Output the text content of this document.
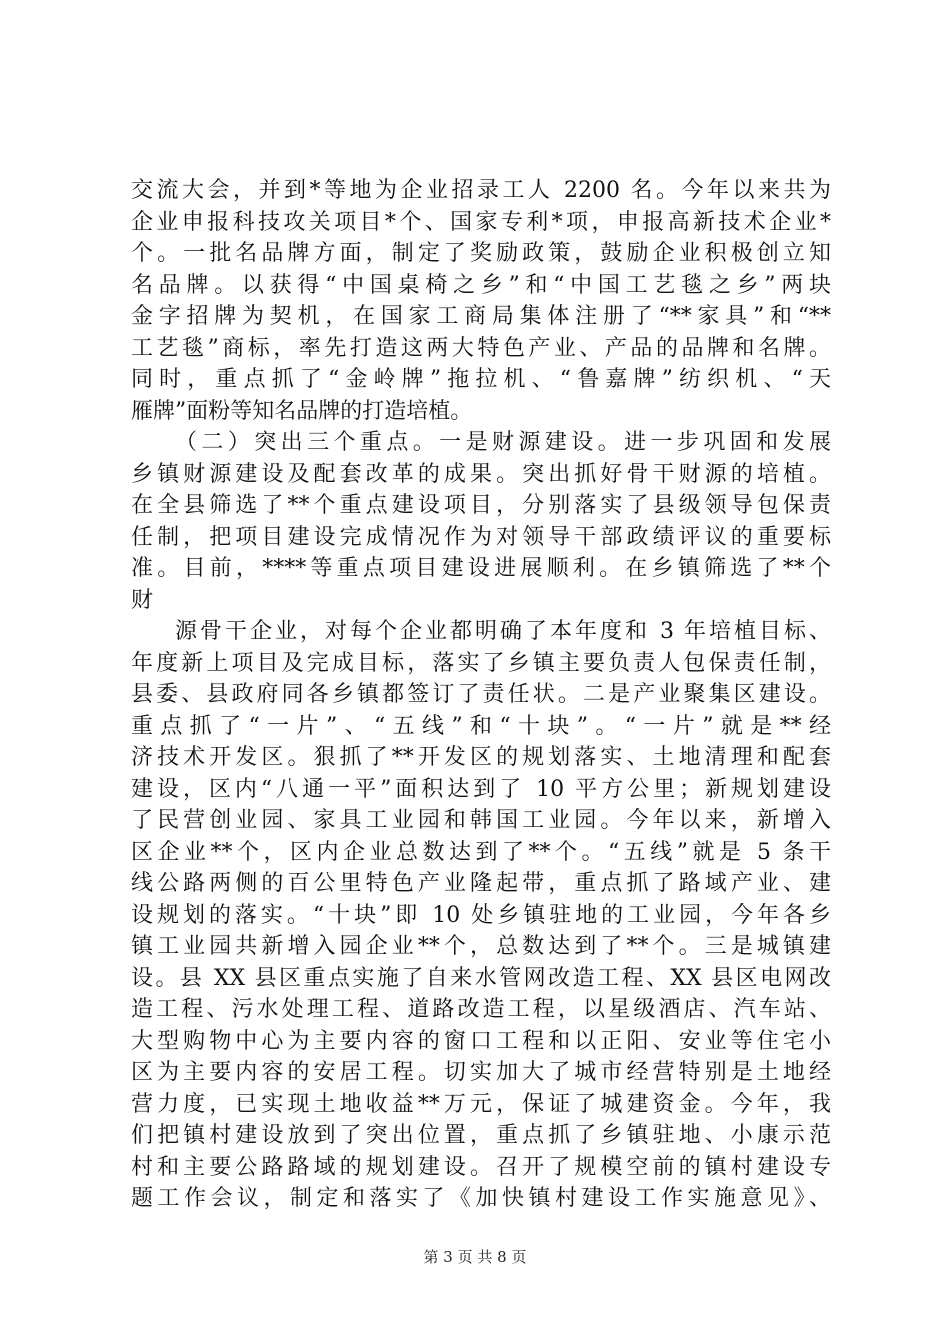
交流大会，并到*等地为企业招录工人 2200 名。今年以来共为
企业申报科技攻关项目*个、国家专利*项，申报高新技术企业*
个。一批名品牌方面，制定了奖励政策，鼓励企业积极创立知
名品牌。以获得“中国桌椅之乡”和“中国工艺毯之乡”两块
金字招牌为契机，在国家工商局集体注册了“**家具”和“**
工艺毯”商标，率先打造这两大特色产业、产品的品牌和名牌。
同时，重点抓了“金岭牌”拖拉机、“鲁嘉牌”纺织机、“天
雁牌”面粉等知名品牌的打造培植。
（二）突出三个重点。一是财源建设。进一步巩固和发展
乡镇财源建设及配套改革的成果。突出抓好骨干财源的培植。
在全县筛选了**个重点建设项目，分别落实了县级领导包保责
任制，把项目建设完成情况作为对领导干部政绩评议的重要标
准。目前，****等重点项目建设进展顺利。在乡镇筛选了**个
财
源骨干企业，对每个企业都明确了本年度和 3 年培植目标、
年度新上项目及完成目标，落实了乡镇主要负责人包保责任制，
县委、县政府同各乡镇都签订了责任状。二是产业聚集区建设。
重点抓了“一片”、“五线”和“十块”。“一片”就是**经
济技术开发区。狠抓了**开发区的规划落实、土地清理和配套
建设，区内“八通一平”面积达到了 10 平方公里；新规划建设
了民营创业园、家具工业园和韩国工业园。今年以来，新增入
区企业**个，区内企业总数达到了**个。“五线”就是 5 条干
线公路两侧的百公里特色产业隆起带，重点抓了路域产业、建
设规划的落实。“十块”即 10 处乡镇驻地的工业园，今年各乡
镇工业园共新增入园企业**个，总数达到了**个。三是城镇建
设。县 XX 县区重点实施了自来水管网改造工程、XX 县区电网改
造工程、污水处理工程、道路改造工程，以星级酒店、汽车站、
大型购物中心为主要内容的窗口工程和以正阳、安业等住宅小
区为主要内容的安居工程。切实加大了城市经营特别是土地经
营力度，已实现土地收益**万元，保证了城建资金。今年，我
们把镇村建设放到了突出位置，重点抓了乡镇驻地、小康示范
村和主要公路路域的规划建设。召开了规模空前的镇村建设专
题工作会议，制定和落实了《加快镇村建设工作实施意见》、
第 3 页 共 8 页
